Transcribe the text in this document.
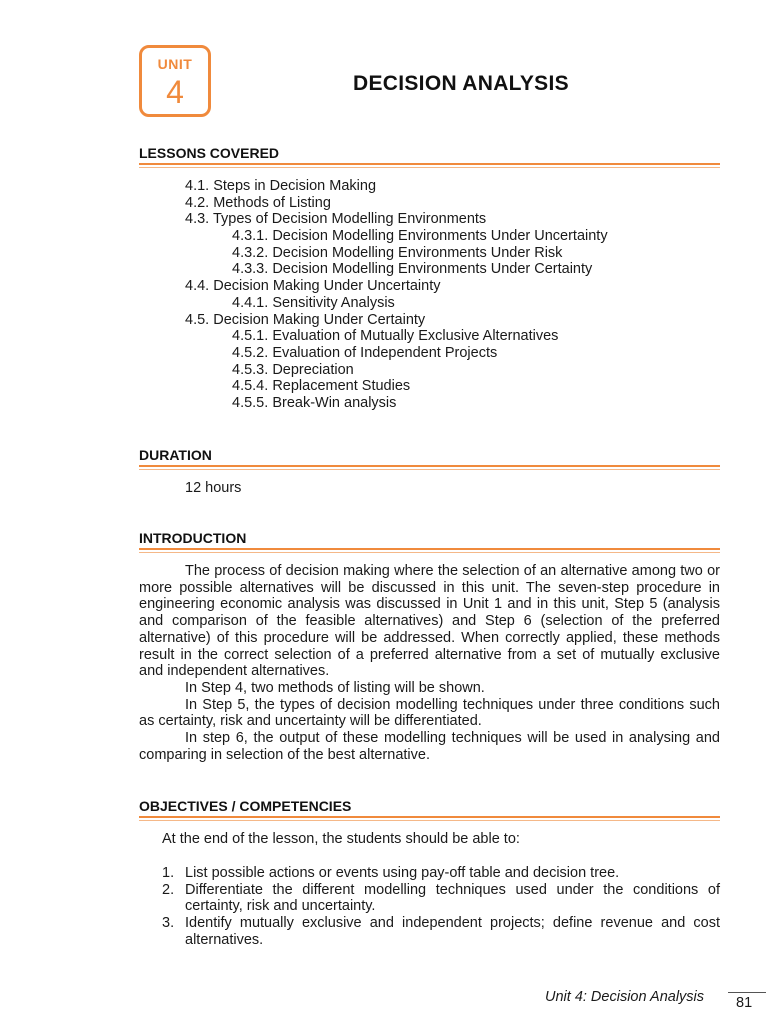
UNIT
4	DECISION ANALYSIS
LESSONS COVERED
4.1. Steps in Decision Making
4.2. Methods of Listing
4.3. Types of Decision Modelling Environments
4.3.1. Decision Modelling Environments Under Uncertainty
4.3.2. Decision Modelling Environments Under Risk
4.3.3. Decision Modelling Environments Under Certainty
4.4. Decision Making Under Uncertainty
4.4.1. Sensitivity Analysis
4.5. Decision Making Under Certainty
4.5.1. Evaluation of Mutually Exclusive Alternatives
4.5.2. Evaluation of Independent Projects
4.5.3. Depreciation
4.5.4. Replacement Studies
4.5.5. Break-Win analysis
DURATION
12 hours
INTRODUCTION

The process of decision making where the selection of an alternative among two or more possible alternatives will be discussed in this unit. The seven-step procedure in engineering economic analysis was discussed in Unit 1 and in this unit, Step 5 (analysis and comparison of the feasible alternatives) and Step 6 (selection of the preferred alternative) of this procedure will be addressed. When correctly applied, these methods result in the correct selection of a preferred alternative from a set of mutually exclusive and independent alternatives.

In Step 4, two methods of listing will be shown.

In Step 5, the types of decision modelling techniques under three conditions such as certainty, risk and uncertainty will be differentiated.

In step 6, the output of these modelling techniques will be used in analysing and comparing in selection of the best alternative.

OBJECTIVES / COMPETENCIES
At the end of the lesson, the students should be able to:
1. List possible actions or events using pay-off table and decision tree.
2. Differentiate the different modelling techniques used under the conditions of certainty, risk and uncertainty.
3. Identify mutually exclusive and independent projects; define revenue and cost alternatives.
Unit 4: Decision Analysis 81
